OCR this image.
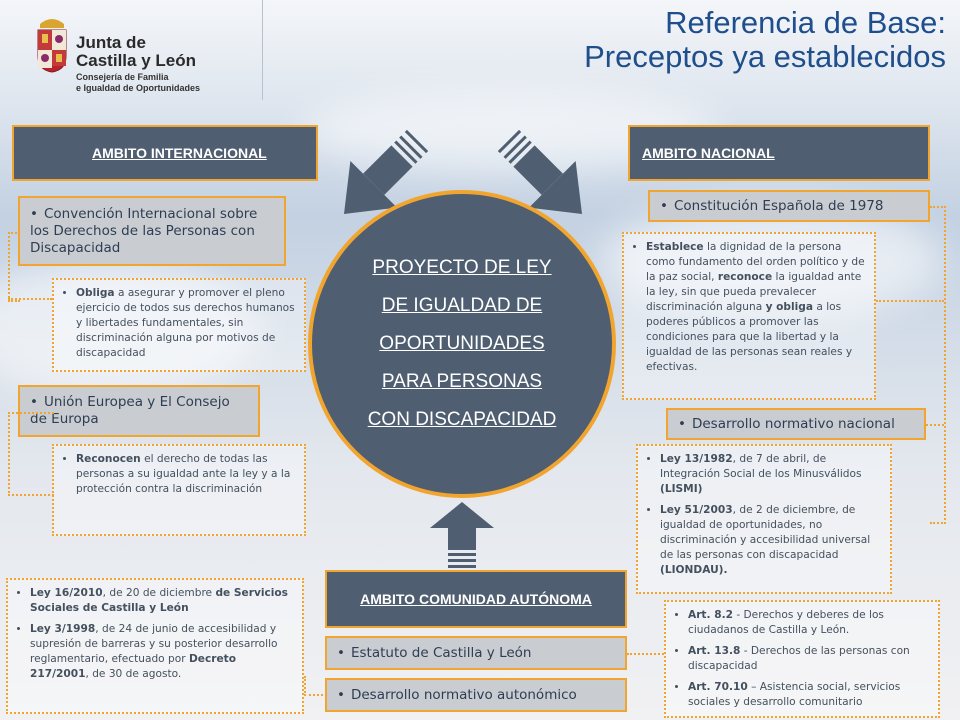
Junta de
Castilla y León
Consejería de Familia
e Igualdad de Oportunidades
Referencia de Base:
Preceptos ya establecidos
PROYECTO DE LEY
DE IGUALDAD DE
OPORTUNIDADES
PARA PERSONAS
CON DISCAPACIDAD
AMBITO INTERNACIONAL
• Convención Internacional sobre los Derechos de las Personas con Discapacidad
• Obliga a asegurar y promover el pleno ejercicio de todos sus derechos humanos y libertades fundamentales, sin discriminación alguna por motivos de discapacidad
• Unión Europea y El Consejo de Europa
• Reconocen el derecho de todas las personas a su igualdad ante la ley y a la protección contra la discriminación
AMBITO NACIONAL
• Constitución Española de 1978
• Establece la dignidad de la persona como fundamento del orden político y de la paz social, reconoce la igualdad ante la ley, sin que pueda prevalecer discriminación alguna y obliga a los poderes públicos a promover las condiciones para que la libertad y la igualdad de las personas sean reales y efectivas.
• Desarrollo normativo nacional
• Ley 13/1982, de 7 de abril, de Integración Social de los Minusválidos (LISMI)
• Ley 51/2003, de 2 de diciembre, de igualdad de oportunidades, no discriminación y accesibilidad universal de las personas con discapacidad (LIONDAU).
AMBITO COMUNIDAD AUTÓNOMA
• Estatuto de Castilla y León
• Desarrollo normativo autonómico
• Ley 16/2010, de 20 de diciembre de Servicios Sociales de Castilla y León
• Ley 3/1998, de 24 de junio de accesibilidad y supresión de barreras y su posterior desarrollo reglamentario, efectuado por Decreto 217/2001, de 30 de agosto.
• Art. 8.2 - Derechos y deberes de los ciudadanos de Castilla y León.
• Art. 13.8 - Derechos de las personas con discapacidad
• Art. 70.10 – Asistencia social, servicios sociales y desarrollo comunitario
